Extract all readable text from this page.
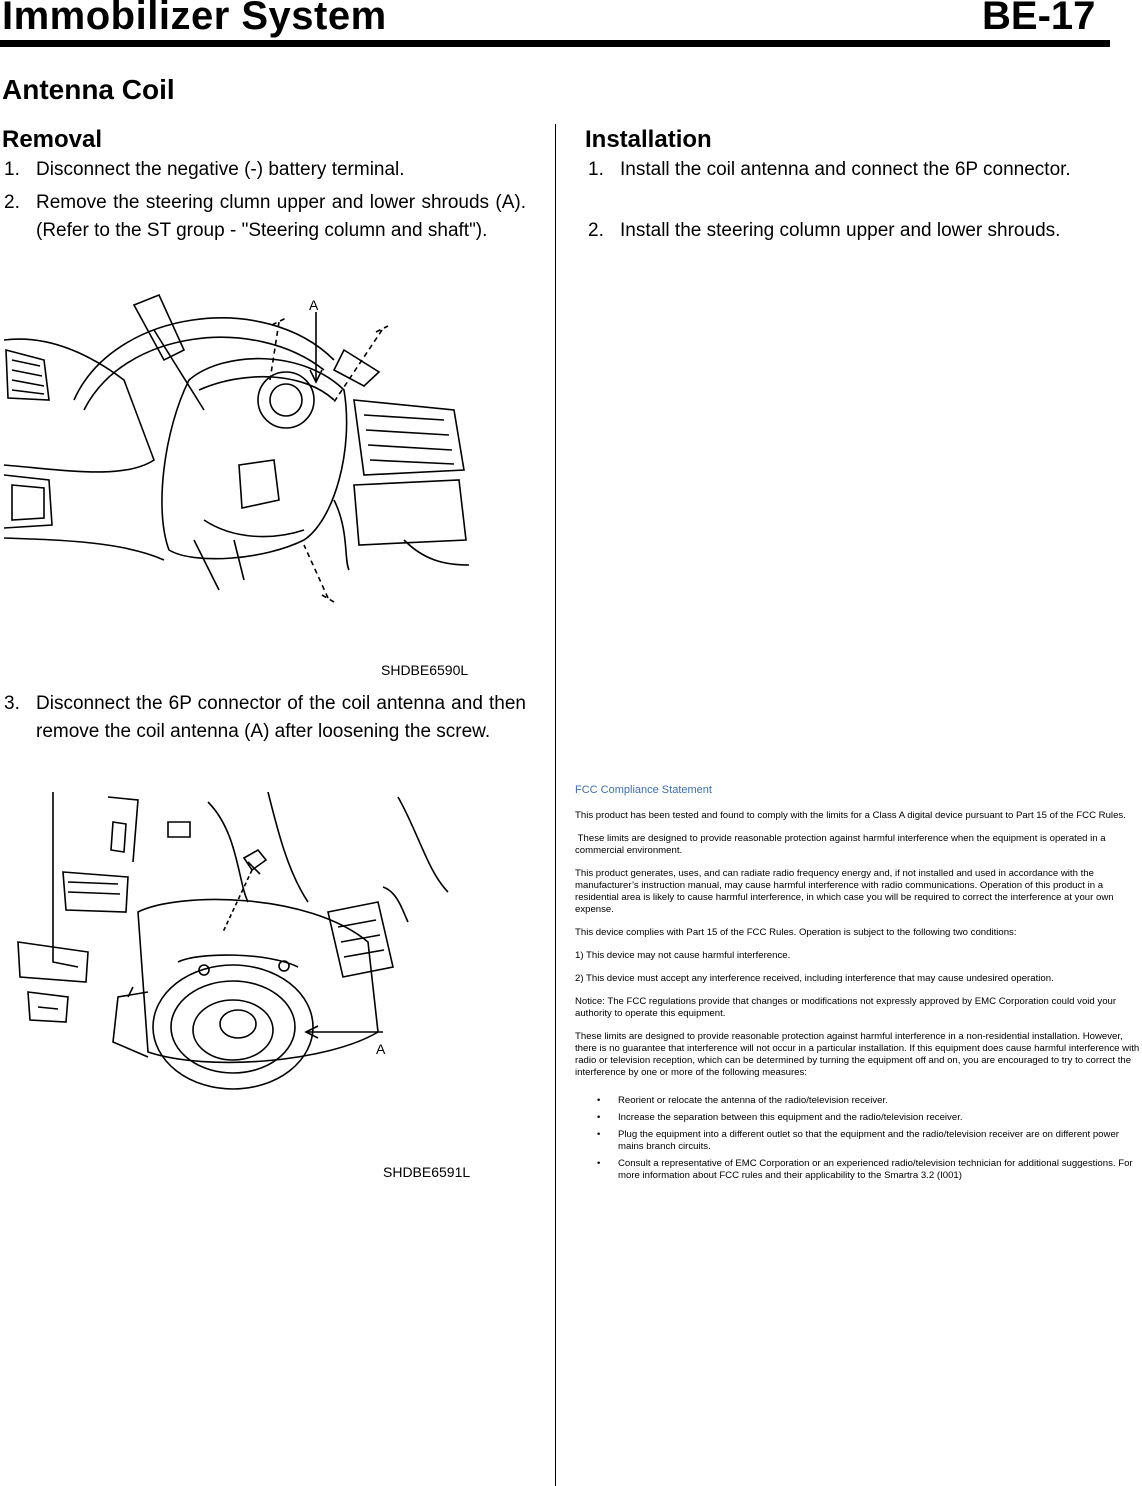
Immobilizer System	BE-17
Antenna Coil
Removal
1. Disconnect the negative (-) battery terminal.
2. Remove the steering clumn upper and lower shrouds (A). (Refer to the ST group - "Steering column and shaft").
A
SHDBE6590L
3. Disconnect the 6P connector of the coil antenna and then remove the coil antenna (A) after loosening the screw.
A
SHDBE6591L
Installation
1. Install the coil antenna and connect the 6P connector.
2. Install the steering column upper and lower shrouds.
FCC Compliance Statement

This product has been tested and found to comply with the limits for a Class A digital device pursuant to Part 15 of the FCC Rules.

These limits are designed to provide reasonable protection against harmful interference when the equipment is operated in a commercial environment.

This product generates, uses, and can radiate radio frequency energy and, if not installed and used in accordance with the manufacturer’s instruction manual, may cause harmful interference with radio communications. Operation of this product in a residential area is likely to cause harmful interference, in which case you will be required to correct the interference at your own expense.

This device complies with Part 15 of the FCC Rules. Operation is subject to the following two conditions:

1) This device may not cause harmful interference.

2) This device must accept any interference received, including interference that may cause undesired operation.

Notice: The FCC regulations provide that changes or modifications not expressly approved by EMC Corporation could void your authority to operate this equipment.

These limits are designed to provide reasonable protection against harmful interference in a non-residential installation. However, there is no guarantee that interference will not occur in a particular installation. If this equipment does cause harmful interference with radio or television reception, which can be determined by turning the equipment off and on, you are encouraged to try to correct the interference by one or more of the following measures:

• Reorient or relocate the antenna of the radio/television receiver.
• Increase the separation between this equipment and the radio/television receiver.
• Plug the equipment into a different outlet so that the equipment and the radio/television receiver are on different power mains branch circuits.
• Consult a representative of EMC Corporation or an experienced radio/television technician for additional suggestions. For more information about FCC rules and their applicability to the Smartra 3.2 (I001)
